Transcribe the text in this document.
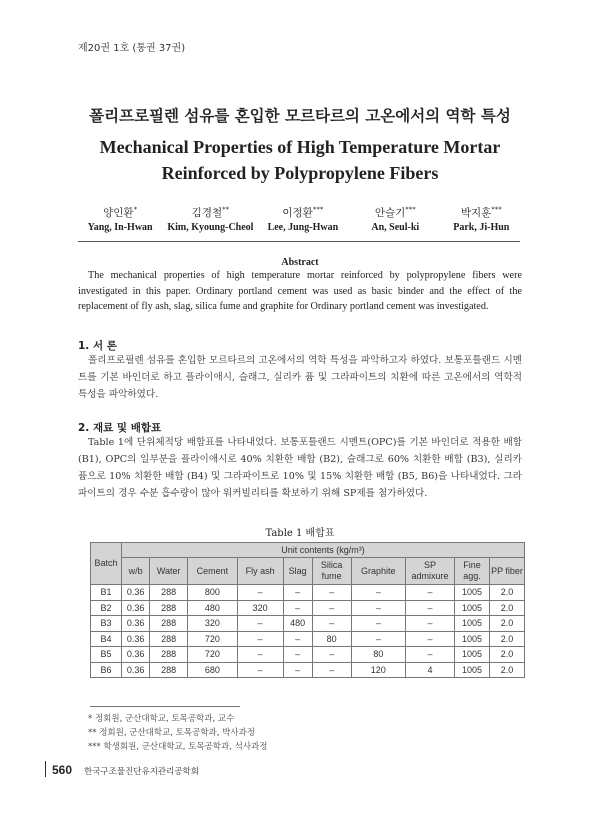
제20권 1호 (통권 37권)
폴리프로필렌 섬유를 혼입한 모르타르의 고온에서의 역학 특성
Mechanical Properties of High Temperature Mortar
Reinforced by Polypropylene Fibers
양인환*	김경철**	이정환***	안슬기***	박지훈***
Yang, In-Hwan Kim, Kyoung-Cheol Lee, Jung-Hwan	An, Seul-ki	Park, Ji-Hun
Abstract
The mechanical properties of high temperature mortar reinforced by polypropylene fibers were investigated in this paper. Ordinary portland cement was used as basic binder and the effect of the replacement of fly ash, slag, silica fume and graphite for Ordinary portland cement was investigated.
1. 서 론
폴리프로필렌 섬유를 혼입한 모르타르의 고온에서의 역학 특성을 파악하고자 하였다. 보통포틀랜드 시멘트를 기본 바인더로 하고 플라이애시, 슬래그, 실리카 퓸 및 그라파이트의 치환에 따른 고온에서의 역학적 특성을 파악하였다.
2. 재료 및 배합표
Table 1에 단위체적당 배합표를 나타내었다. 보통포틀랜드 시멘트(OPC)를 기본 바인더로 적용한 배합 (B1), OPC의 일부분을 플라이애시로 40% 치환한 배합 (B2), 슬래그로 60% 치환한 배합 (B3), 실리카 퓸으로 10% 치환한 배합 (B4) 및 그라파이트로 10% 및 15% 치환한 배합 (B5, B6)을 나타내었다. 그라파이트의 경우 수분 흡수량이 많아 워커빌리티를 확보하기 위해 SP제를 첨가하였다.
Table 1 배합표
Batch	Unit contents (kg/m³)									
	w/b	Water	Cement	Fly ash	Slag	Silica fume	Graphite	SP admixure	Fine agg.	PP fiber
B1	0.36	288	800	–	–	–	–	–	1005	2.0
B2	0.36	288	480	320	–	–	–	–	1005	2.0
B3	0.36	288	320	–	480	–	–	–	1005	2.0
B4	0.36	288	720	–	–	80	–	–	1005	2.0
B5	0.36	288	720	–	–	–	80	–	1005	2.0
B6	0.36	288	680	–	–	–	120	4	1005	2.0
* 정회원, 군산대학교, 토목공학과, 교수
** 정회원, 군산대학교, 토목공학과, 박사과정
*** 학생회원, 군산대학교, 토목공학과, 석사과정
560 한국구조물진단유지관리공학회
